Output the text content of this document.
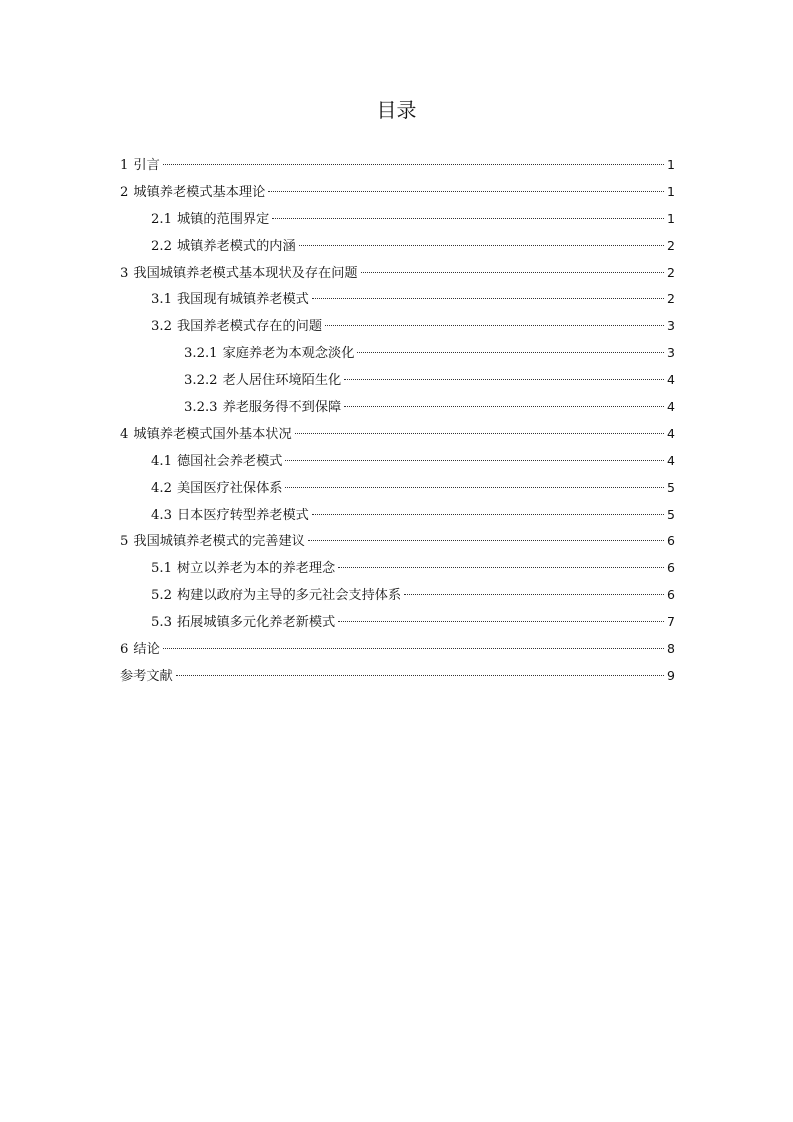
目录
1 引言	1
2 城镇养老模式基本理论	1
2.1 城镇的范围界定	1
2.2 城镇养老模式的内涵	2
3 我国城镇养老模式基本现状及存在问题	2
3.1 我国现有城镇养老模式	2
3.2 我国养老模式存在的问题	3
3.2.1 家庭养老为本观念淡化	3
3.2.2 老人居住环境陌生化	4
3.2.3 养老服务得不到保障	4
4 城镇养老模式国外基本状况	4
4.1 德国社会养老模式	4
4.2 美国医疗社保体系	5
4.3 日本医疗转型养老模式	5
5 我国城镇养老模式的完善建议	6
5.1 树立以养老为本的养老理念	6
5.2 构建以政府为主导的多元社会支持体系	6
5.3 拓展城镇多元化养老新模式	7
6 结论	8
参考文献	9
